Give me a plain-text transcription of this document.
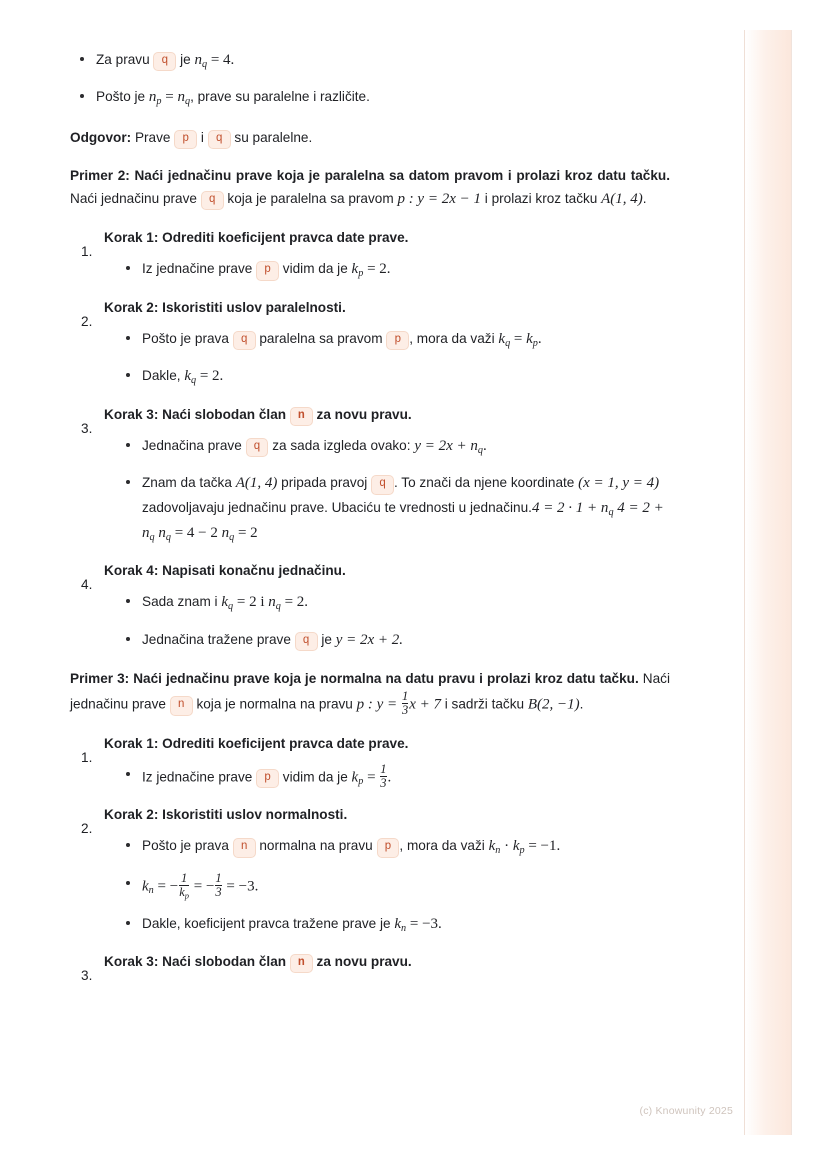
Za pravu q je $n_q = 4$.
Pošto je $n_p = n_q$, prave su paralelne i različite.

Odgovor: Prave p i q su paralelne.

Primer 2: Naći jednačinu prave koja je paralelna sa datom pravom i prolazi kroz datu tačku. Naći jednačinu prave q koja je paralelna sa pravom p : y = 2x − 1 i prolazi kroz tačku A(1, 4).

Korak 1: Odrediti koeficijent pravca date prave.
Iz jednačine prave p vidim da je $k_p = 2$.
Korak 2: Iskoristiti uslov paralelnosti.
Pošto je prava q paralelna sa pravom p , mora da važi $k_q = k_p$.
Dakle, $k_q = 2$.
Korak 3: Naći slobodan član n za novu pravu.
Jednačina prave q za sada izgleda ovako: $y = 2x + n_q$.
Znam da tačka A(1, 4) pripada pravoj q . To znači da njene koordinate (x = 1, y = 4) zadovoljavaju jednačinu prave. Ubaciću te vrednosti u jednačinu.4 = $2 \cdot 1 + n_q$ $4 = 2 + n_q$ $n_q = 4 - 2$ $n_q = 2$
Korak 4: Napisati konačnu jednačinu.
Sada znam i $k_q = 2$ i $n_q = 2$.
Jednačina tražene prave q je y = 2x + 2.

Primer 3: Naći jednačinu prave koja je normalna na datu pravu i prolazi kroz datu tačku. Naći jednačinu prave n koja je normalna na pravu p : $y = \frac{1}{3}$ x + 7 i sadrži tačku B(2, −1).

Korak 1: Odrediti koeficijent pravca date prave.
Iz jednačine prave p vidim da je $k_p = \frac{1}{3}$ .
Korak 2: Iskoristiti uslov normalnosti.
Pošto je prava n normalna na pravu p , mora da važi $k_n \cdot k_p = -1$.
$k_n$ = − $\frac{1}{k_p}$ = − $\frac{1}{3} = -3$.
Dakle, koeficijent pravca tražene prave je $k_n = -3$.
Korak 3: Naći slobodan član n za novu pravu.
(c) Knowunity 2025
